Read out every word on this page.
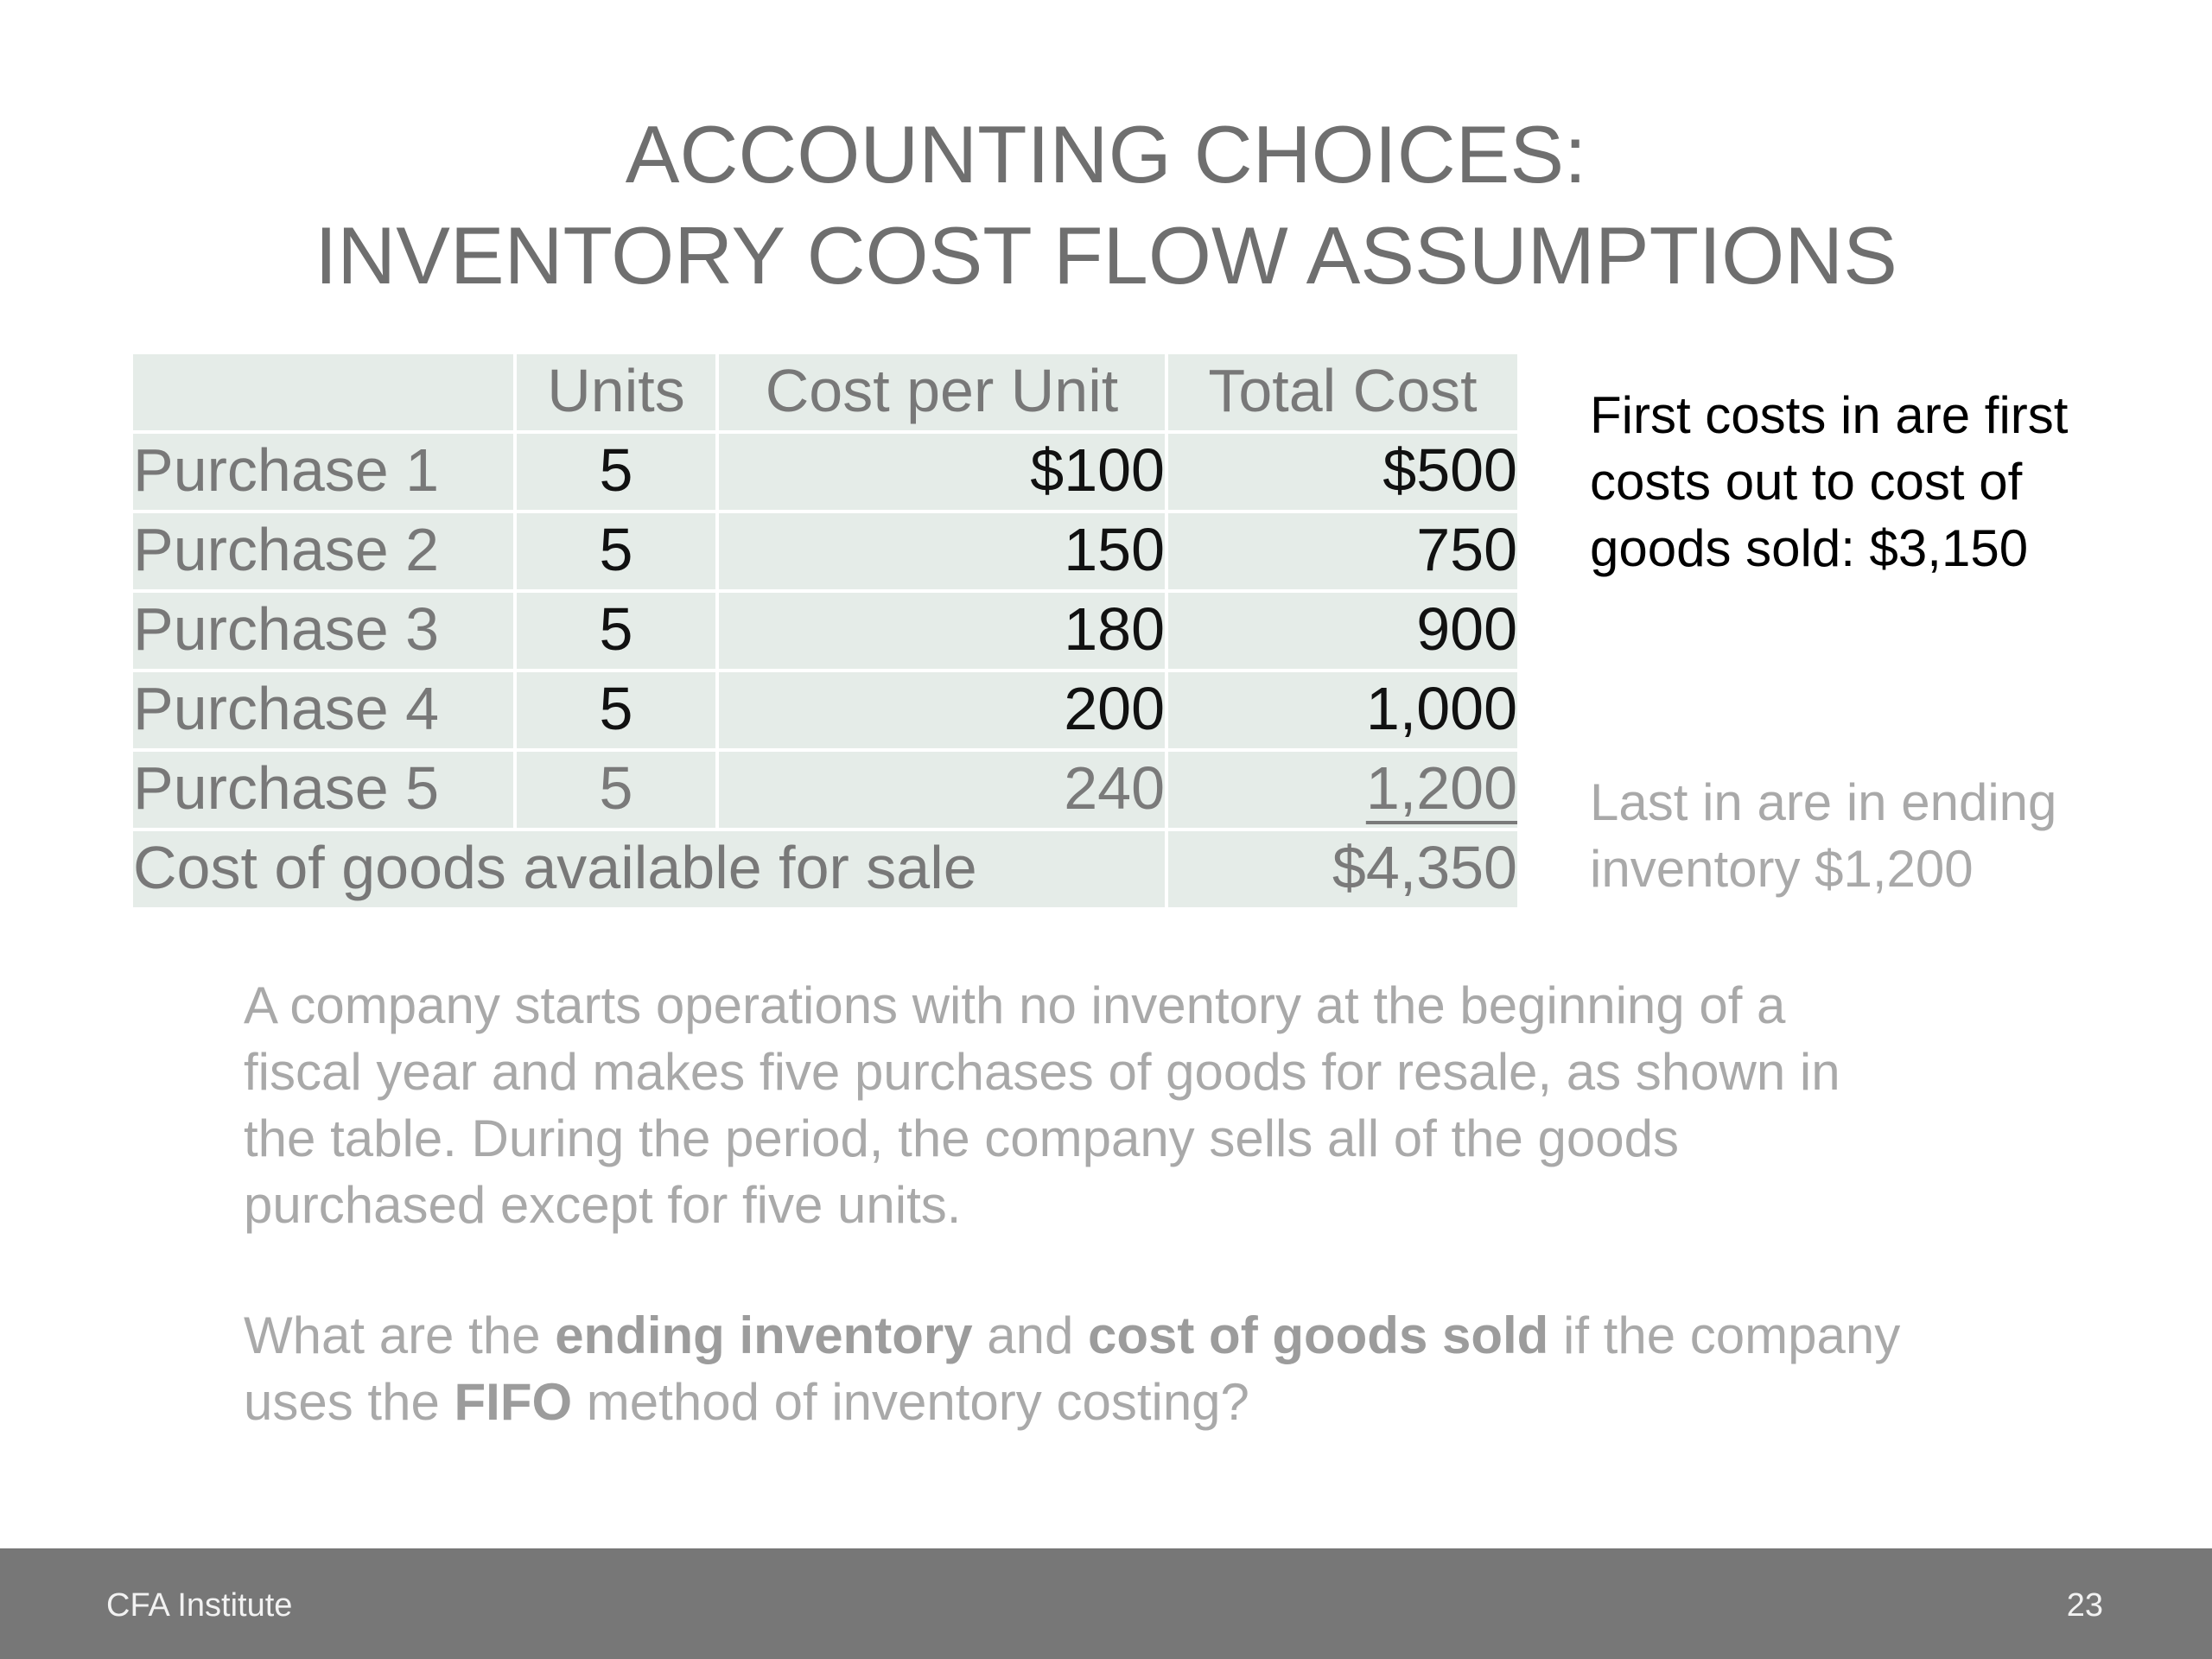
ACCOUNTING CHOICES:
INVENTORY COST FLOW ASSUMPTIONS
	Units	Cost per Unit	Total Cost
Purchase 1	5	$100	$500
Purchase 2	5	150	750
Purchase 3	5	180	900
Purchase 4	5	200	1,000
Purchase 5	5	240	1,200
Cost of goods available for sale			$4,350
First costs in are first costs out to cost of goods sold: $3,150
Last in are in ending inventory $1,200
A company starts operations with no inventory at the beginning of a fiscal year and makes five purchases of goods for resale, as shown in the table. During the period, the company sells all of the goods purchased except for five units.
What are the ending inventory and cost of goods sold if the company uses the FIFO method of inventory costing?
CFA Institute	23
